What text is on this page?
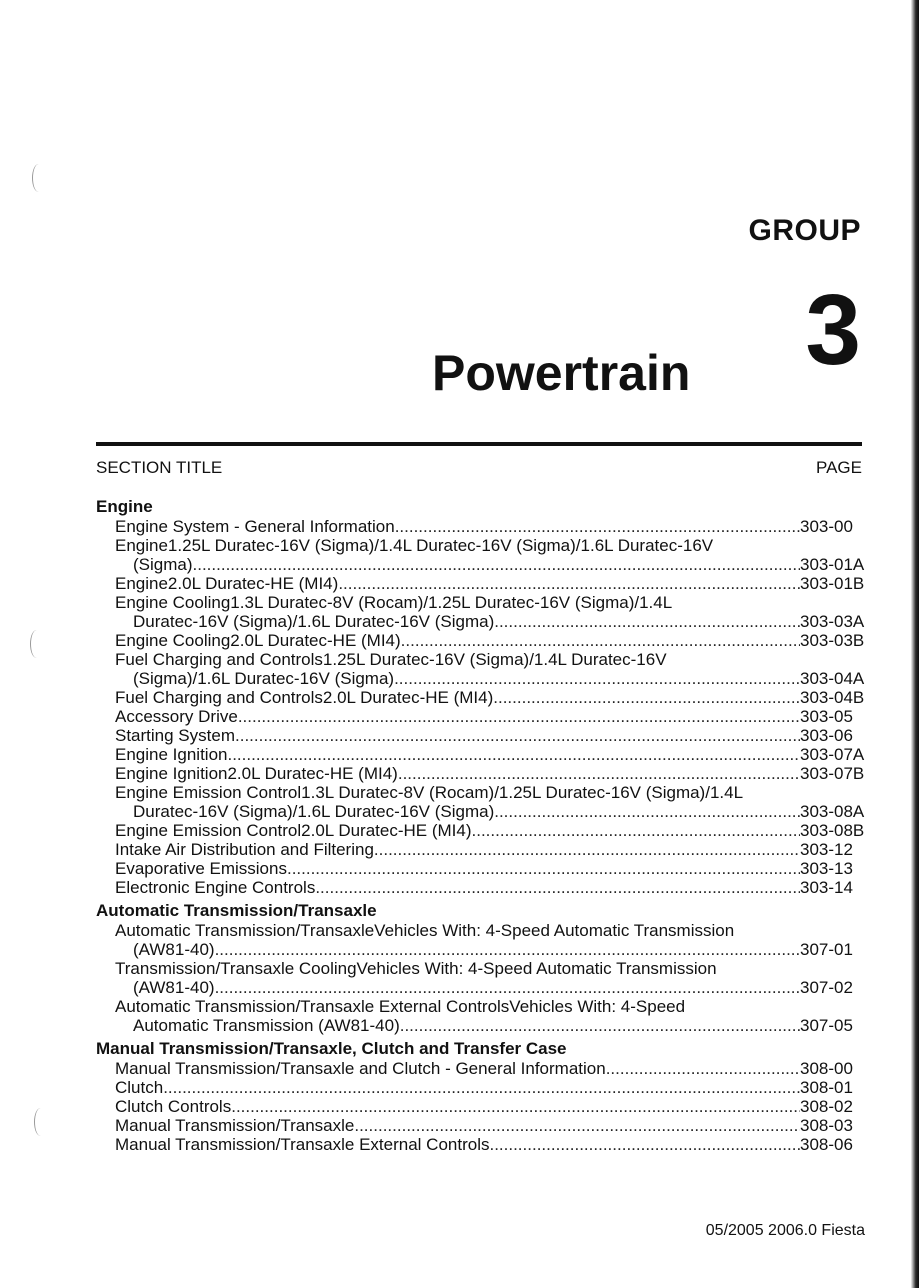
GROUP
3
Powertrain
SECTION TITLE	PAGE
Engine
Engine System - General Information .....	303-00
Engine1.25L Duratec-16V (Sigma)/1.4L Duratec-16V (Sigma)/1.6L Duratec-16V
(Sigma) .....	303-01A
Engine2.0L Duratec-HE (MI4) .....	303-01B
Engine Cooling1.3L Duratec-8V (Rocam)/1.25L Duratec-16V (Sigma)/1.4L
Duratec-16V (Sigma)/1.6L Duratec-16V (Sigma) .....	303-03A
Engine Cooling2.0L Duratec-HE (MI4) .....	303-03B
Fuel Charging and Controls1.25L Duratec-16V (Sigma)/1.4L Duratec-16V
(Sigma)/1.6L Duratec-16V (Sigma) .....	303-04A
Fuel Charging and Controls2.0L Duratec-HE (MI4) .....	303-04B
Accessory Drive .....	303-05
Starting System .....	303-06
Engine Ignition .....	303-07A
Engine Ignition2.0L Duratec-HE (MI4) .....	303-07B
Engine Emission Control1.3L Duratec-8V (Rocam)/1.25L Duratec-16V (Sigma)/1.4L
Duratec-16V (Sigma)/1.6L Duratec-16V (Sigma) .....	303-08A
Engine Emission Control2.0L Duratec-HE (MI4) .....	303-08B
Intake Air Distribution and Filtering .....	303-12
Evaporative Emissions .....	303-13
Electronic Engine Controls .....	303-14
Automatic Transmission/Transaxle
Automatic Transmission/TransaxleVehicles With: 4-Speed Automatic Transmission
(AW81-40) .....	307-01
Transmission/Transaxle CoolingVehicles With: 4-Speed Automatic Transmission
(AW81-40) .....	307-02
Automatic Transmission/Transaxle External ControlsVehicles With: 4-Speed
Automatic Transmission (AW81-40) .....	307-05
Manual Transmission/Transaxle, Clutch and Transfer Case
Manual Transmission/Transaxle and Clutch - General Information .....	308-00
Clutch .....	308-01
Clutch Controls .....	308-02
Manual Transmission/Transaxle .....	308-03
Manual Transmission/Transaxle External Controls .....	308-06
05/2005 2006.0 Fiesta
